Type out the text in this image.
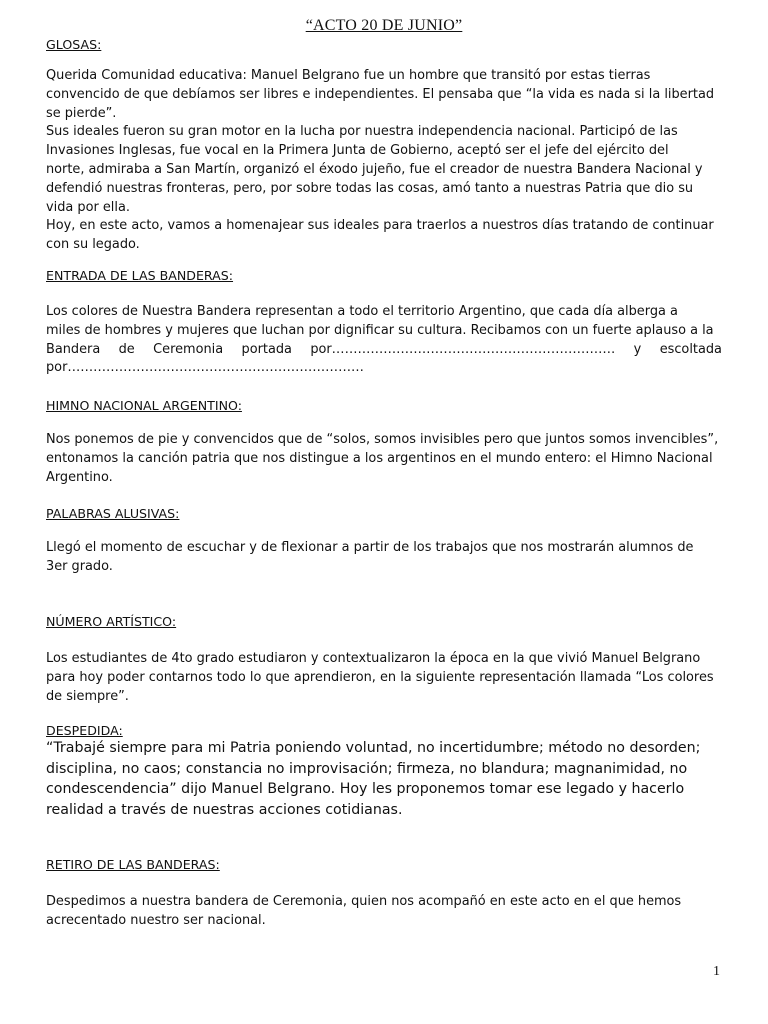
“ACTO 20 DE JUNIO”
GLOSAS:
Querida Comunidad educativa: Manuel Belgrano fue un hombre que transitó por estas tierras
convencido de que debíamos ser libres e independientes. El pensaba que “la vida es nada si la libertad
se pierde”.
Sus ideales fueron su gran motor en la lucha por nuestra independencia nacional. Participó de las
Invasiones Inglesas, fue vocal en la Primera Junta de Gobierno, aceptó ser el jefe del ejército del
norte, admiraba a San Martín, organizó el éxodo jujeño, fue el creador de nuestra Bandera Nacional y
defendió nuestras fronteras, pero, por sobre todas las cosas, amó tanto a nuestras Patria que dio su
vida por ella.
Hoy, en este acto, vamos a homenajear sus ideales para traerlos a nuestros días tratando de continuar
con su legado.
ENTRADA DE LAS BANDERAS:
Los colores de Nuestra Bandera representan a todo el territorio Argentino, que cada día alberga a
miles de hombres y mujeres que luchan por dignificar su cultura. Recibamos con un fuerte aplauso a la
Bandera de Ceremonia portada por………………………………………………………… y escoltada
por……………………………………………………………
HIMNO NACIONAL ARGENTINO:
Nos ponemos de pie y convencidos que de “solos, somos invisibles pero que juntos somos invencibles”,
entonamos la canción patria que nos distingue a los argentinos en el mundo entero: el Himno Nacional
Argentino.
PALABRAS ALUSIVAS:
Llegó el momento de escuchar y de flexionar a partir de los trabajos que nos mostrarán alumnos de
3er grado.
NÚMERO ARTÍSTICO:
Los estudiantes de 4to grado estudiaron y contextualizaron la época en la que vivió Manuel Belgrano
para hoy poder contarnos todo lo que aprendieron, en la siguiente representación llamada “Los colores
de siempre”.
DESPEDIDA:
“Trabajé siempre para mi Patria poniendo voluntad, no incertidumbre; método no desorden;
disciplina, no caos; constancia no improvisación; firmeza, no blandura; magnanimidad, no
condescendencia” dijo Manuel Belgrano. Hoy les proponemos tomar ese legado y hacerlo
realidad a través de nuestras acciones cotidianas.
RETIRO DE LAS BANDERAS:
Despedimos a nuestra bandera de Ceremonia, quien nos acompañó en este acto en el que hemos
acrecentado nuestro ser nacional.
1
